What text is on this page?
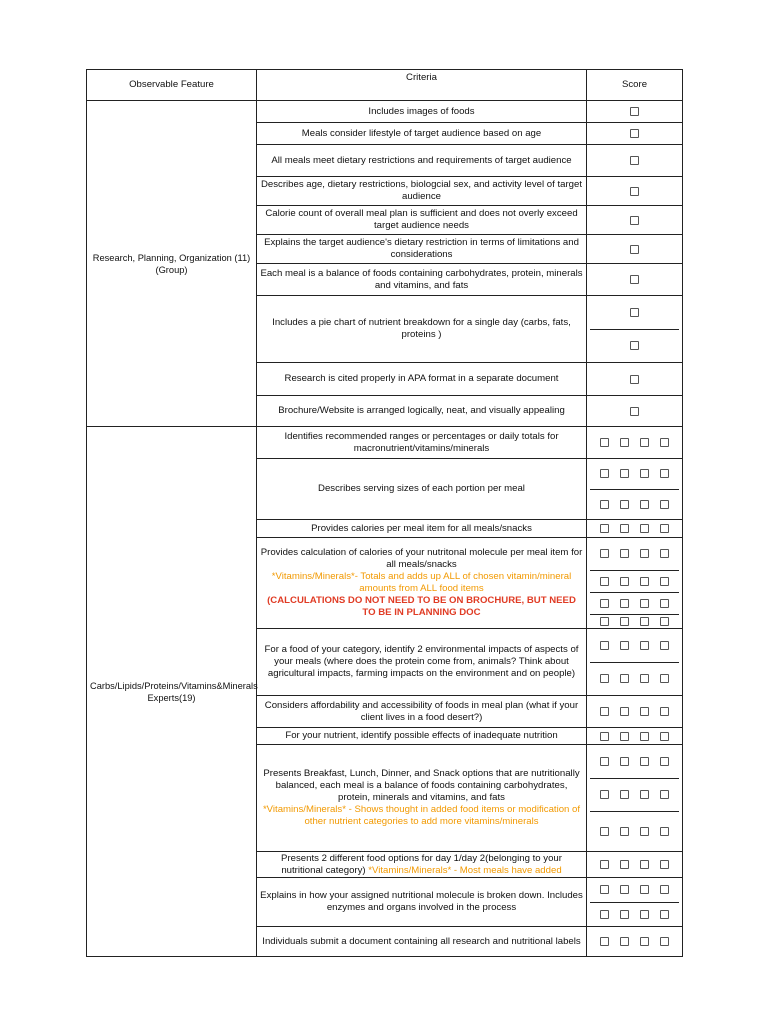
Observable Feature	Criteria	Score
Research, Planning, Organization (11) (Group)	Includes images of foods	

	Meals consider lifestyle of target audience based on age	

	All meals meet dietary restrictions and requirements of target audience	

	Describes age, dietary restrictions, biologcial sex, and activity level of target audience	

	Calorie count of overall meal plan is sufficient and does not overly exceed target audience needs	

	Explains the target audience's dietary restriction in terms of limitations and considerations	

	Each meal is a balance of foods containing carbohydrates, protein, minerals and vitamins, and fats	

	Includes a pie chart of nutrient breakdown for a single day (carbs, fats, proteins )	

	Research is cited properly in APA format in a separate document	

	Brochure/Website is arranged logically, neat, and visually appealing	

Carbs/Lipids/Proteins/Vitamins&Minerals Experts(19)	Identifies recommended ranges or percentages or daily totals for macronutrient/vitamins/minerals	

	Describes serving sizes of each portion per meal	

	Provides calories per meal item for all meals/snacks	

	Provides calculation of calories of your nutritonal molecule per meal item for all meals/snacks
*Vitamins/Minerals*- Totals and adds up ALL of chosen vitamin/mineral amounts from ALL food items
(CALCULATIONS DO NOT NEED TO BE ON BROCHURE, BUT NEED TO BE IN PLANNING DOC	

	For a food of your category, identify 2 environmental impacts of aspects of your meals (where does the protein come from, animals? Think about agricultural impacts, farming impacts on the environment and on people)	

	Considers affordability and accessibility of foods in meal plan (what if your client lives in a food desert?)	

	For your nutrient, identify possible effects of inadequate nutrition	

	Presents Breakfast, Lunch, Dinner, and Snack options that are nutritionally balanced, each meal is a balance of foods containing carbohydrates, protein, minerals and vitamins, and fats
*Vitamins/Minerals* - Shows thought in added food items or modification of other nutrient categories to add more vitamins/minerals	

	Presents 2 different food options for day 1/day 2(belonging to your nutritional category) *Vitamins/Minerals* - Most meals have added	

	Explains in how your assigned nutritional molecule is broken down. Includes enzymes and organs involved in the process	

	Individuals submit a document containing all research and nutritional labels	
